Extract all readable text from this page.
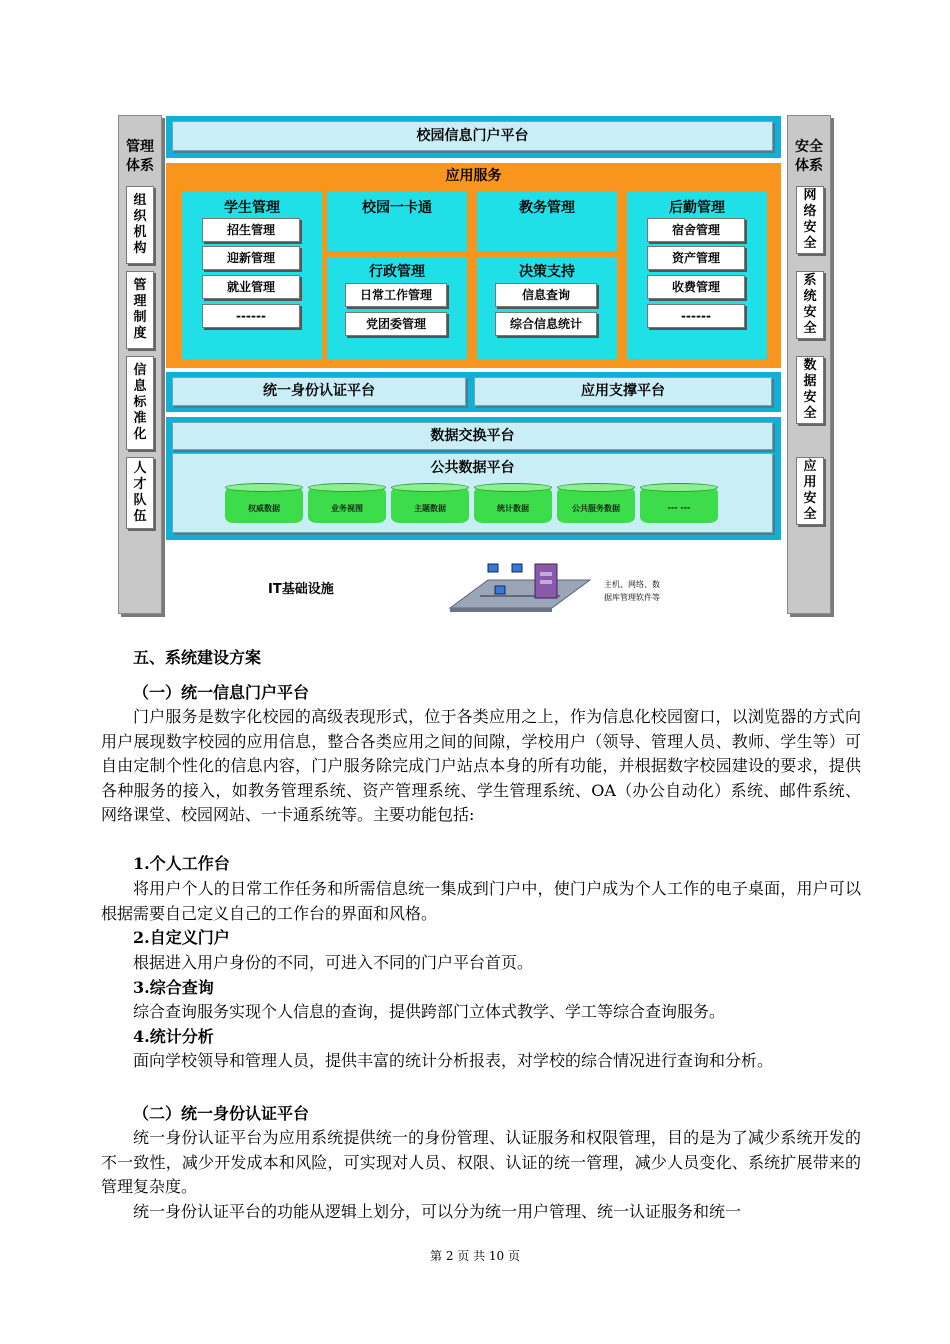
管理
体系
组
织
机
构
管
理
制
度
信
息
标
准
化
人
才
队
伍
安全
体系
网
络
安
全
系
统
安
全
数
据
安
全
应
用
安
全
校园信息门户平台
应用服务
学生管理
招生管理
迎新管理
就业管理
------
校园一卡通	教务管理
行政管理
日常工作管理
党团委管理
决策支持
信息查询
综合信息统计
后勤管理
宿舍管理
资产管理
收费管理
------
统一身份认证平台	应用支撑平台
数据交换平台
公共数据平台
权威数据	业务视图	主题数据	统计数据	公共服务数据	--- ---
IT基础设施	主机、网络、数
据库管理软件等
五、系统建设方案
（一）统一信息门户平台
门户服务是数字化校园的高级表现形式，位于各类应用之上，作为信息化校园窗口，以浏览器的方式向用户展现数字校园的应用信息，整合各类应用之间的间隙，学校用户（领导、管理人员、教师、学生等）可自由定制个性化的信息内容，门户服务除完成门户站点本身的所有功能，并根据数字校园建设的要求，提供各种服务的接入，如教务管理系统、资产管理系统、学生管理系统、OA（办公自动化）系统、邮件系统、网络课堂、校园网站、一卡通系统等。主要功能包括:
1.个人工作台
将用户个人的日常工作任务和所需信息统一集成到门户中，使门户成为个人工作的电子桌面，用户可以根据需要自己定义自己的工作台的界面和风格。
2.自定义门户
根据进入用户身份的不同，可进入不同的门户平台首页。
3.综合查询
综合查询服务实现个人信息的查询，提供跨部门立体式教学、学工等综合查询服务。
4.统计分析
面向学校领导和管理人员，提供丰富的统计分析报表，对学校的综合情况进行查询和分析。
（二）统一身份认证平台
统一身份认证平台为应用系统提供统一的身份管理、认证服务和权限管理，目的是为了减少系统开发的不一致性，减少开发成本和风险，可实现对人员、权限、认证的统一管理，减少人员变化、系统扩展带来的管理复杂度。
统一身份认证平台的功能从逻辑上划分，可以分为统一用户管理、统一认证服务和统一
第 2 页 共 10 页
